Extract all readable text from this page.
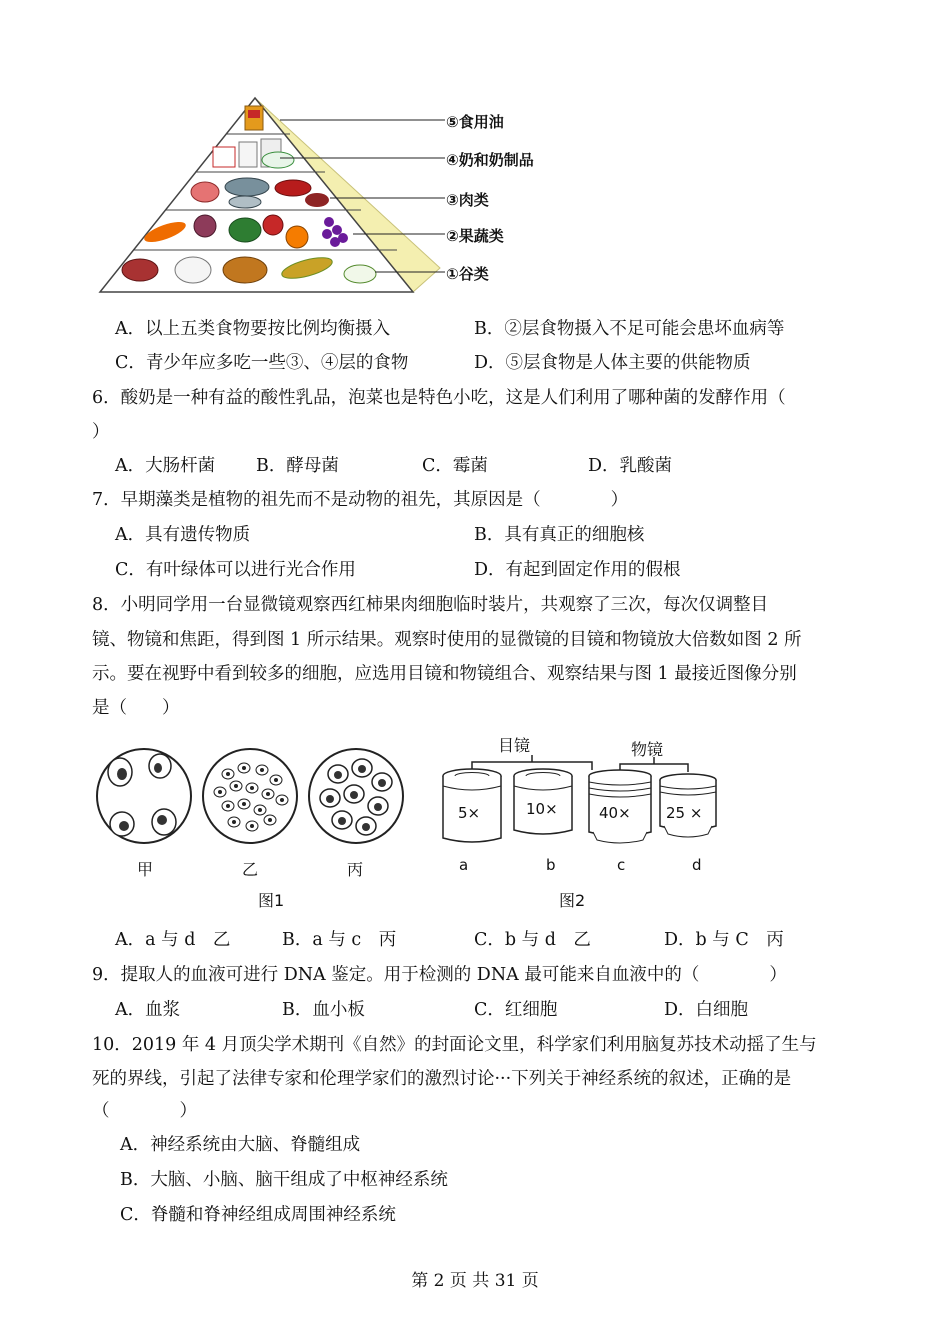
⑤食用油
④奶和奶制品
③肉类
②果蔬类
①谷类
A．以上五类食物要按比例均衡摄入	B．②层食物摄入不足可能会患坏血病等
C．青少年应多吃一些③、④层的食物	D．⑤层食物是人体主要的供能物质
6．酸奶是一种有益的酸性乳品，泡菜也是特色小吃，这是人们利用了哪种菌的发酵作用（
）
A．大肠杆菌 B．酵母菌	C．霉菌	D．乳酸菌
7．早期藻类是植物的祖先而不是动物的祖先，其原因是（　　　　）
A．具有遗传物质	B．具有真正的细胞核
C．有叶绿体可以进行光合作用	D．有起到固定作用的假根
8．小明同学用一台显微镜观察西红柿果肉细胞临时装片，共观察了三次，每次仅调整目
镜、物镜和焦距，得到图 1 所示结果。观察时使用的显微镜的目镜和物镜放大倍数如图 2 所
示。要在视野中看到较多的细胞，应选用目镜和物镜组合、观察结果与图 1 最接近图像分别
是（　　）
甲	乙	丙
图1
目镜	物镜
5×	10×	40× 25 ×
a	b	c	d
图2
A．a 与 d　乙	B．a 与 c　丙	C．b 与 d　乙	D．b 与 C　丙
9．提取人的血液可进行 DNA 鉴定。用于检测的 DNA 最可能来自血液中的（　　　　）
A．血浆	B．血小板	C．红细胞	D．白细胞
10．2019 年 4 月顶尖学术期刊《自然》的封面论文里，科学家们利用脑复苏技术动摇了生与
死的界线，引起了法律专家和伦理学家们的激烈讨论···下列关于神经系统的叙述，正确的是
（　　　　）
A．神经系统由大脑、脊髓组成
B．大脑、小脑、脑干组成了中枢神经系统
C．脊髓和脊神经组成周围神经系统
第 2 页 共 31 页
